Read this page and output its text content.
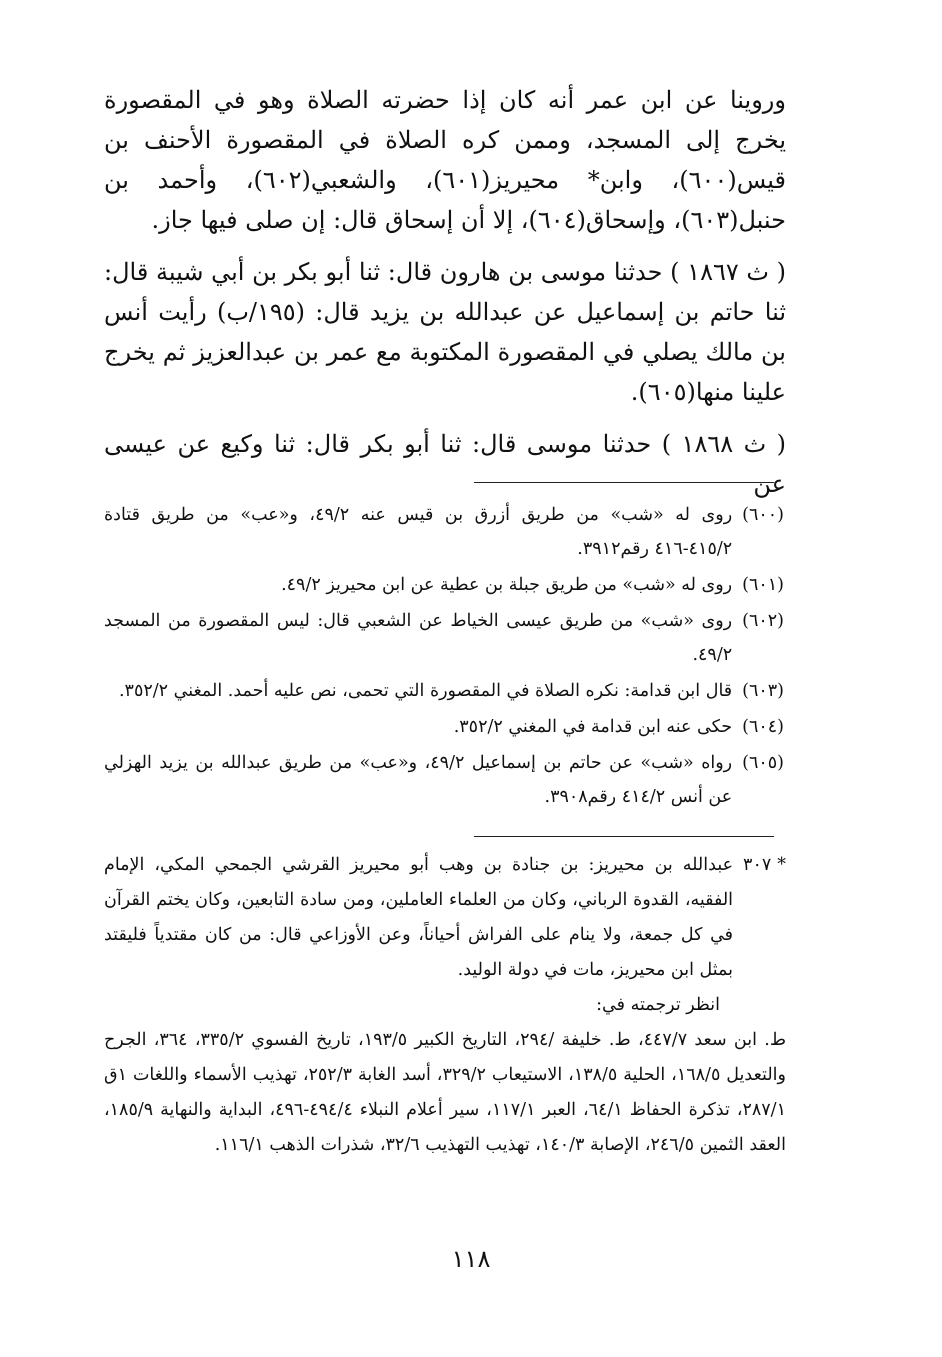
وروينا عن ابن عمر أنه كان إذا حضرته الصلاة وهو في المقصورة يخرج إلى المسجد، وممن كره الصلاة في المقصورة الأحنف بن قيس(٦٠٠)، وابن* محيريز(٦٠١)، والشعبي(٦٠٢)، وأحمد بن حنبل(٦٠٣)، وإسحاق(٦٠٤)، إلا أن إسحاق قال: إن صلى فيها جاز.

( ث ١٨٦٧ ) حدثنا موسى بن هارون قال: ثنا أبو بكر بن أبي شيبة قال: ثنا حاتم بن إسماعيل عن عبدالله بن يزيد قال: (١٩٥/ب) رأيت أنس بن مالك يصلي في المقصورة المكتوبة مع عمر بن عبدالعزيز ثم يخرج علينا منها(٦٠٥).

( ث ١٨٦٨ ) حدثنا موسى قال: ثنا أبو بكر قال: ثنا وكيع عن عيسى عن

(٦٠٠)
روى له «شب» من طريق أزرق بن قيس عنه ٤٩/٢، و«عب» من طريق قتادة ٤١٥/٢-٤١٦ رقم٣٩١٢.
(٦٠١)
روى له «شب» من طريق جبلة بن عطية عن ابن محيريز ٤٩/٢.
(٦٠٢)
روى «شب» من طريق عيسى الخياط عن الشعبي قال: ليس المقصورة من المسجد ٤٩/٢.
(٦٠٣)
قال ابن قدامة: نكره الصلاة في المقصورة التي تحمى، نص عليه أحمد. المغني ٣٥٢/٢.
(٦٠٤)
حكى عنه ابن قدامة في المغني ٣٥٢/٢.
(٦٠٥)
رواه «شب» عن حاتم بن إسماعيل ٤٩/٢، و«عب» من طريق عبدالله بن يزيد الهزلي عن أنس ٤١٤/٢ رقم٣٩٠٨.
*
٣٠٧
عبدالله بن محيريز: بن جنادة بن وهب أبو محيريز القرشي الجمحي المكي، الإمام الفقيه، القدوة الرباني، وكان من العلماء العاملين، ومن سادة التابعين، وكان يختم القرآن في كل جمعة، ولا ينام على الفراش أحياناً، وعن الأوزاعي قال: من كان مقتدياً فليقتد بمثل ابن محيريز، مات في دولة الوليد.
انظر ترجمته في:
ط. ابن سعد ٤٤٧/٧، ط. خليفة /٢٩٤، التاريخ الكبير ١٩٣/٥، تاريخ الفسوي ٣٣٥/٢، ٣٦٤، الجرح والتعديل ١٦٨/٥، الحلية ١٣٨/٥، الاستيعاب ٣٢٩/٢، أسد الغابة ٢٥٢/٣، تهذيب الأسماء واللغات ١ق ٢٨٧/١، تذكرة الحفاظ ٦٤/١، العبر ١١٧/١، سير أعلام النبلاء ٤٩٤/٤-٤٩٦، البداية والنهاية ١٨٥/٩، العقد الثمين ٢٤٦/٥، الإصابة ١٤٠/٣، تهذيب التهذيب ٣٢/٦، شذرات الذهب ١١٦/١.
١١٨
